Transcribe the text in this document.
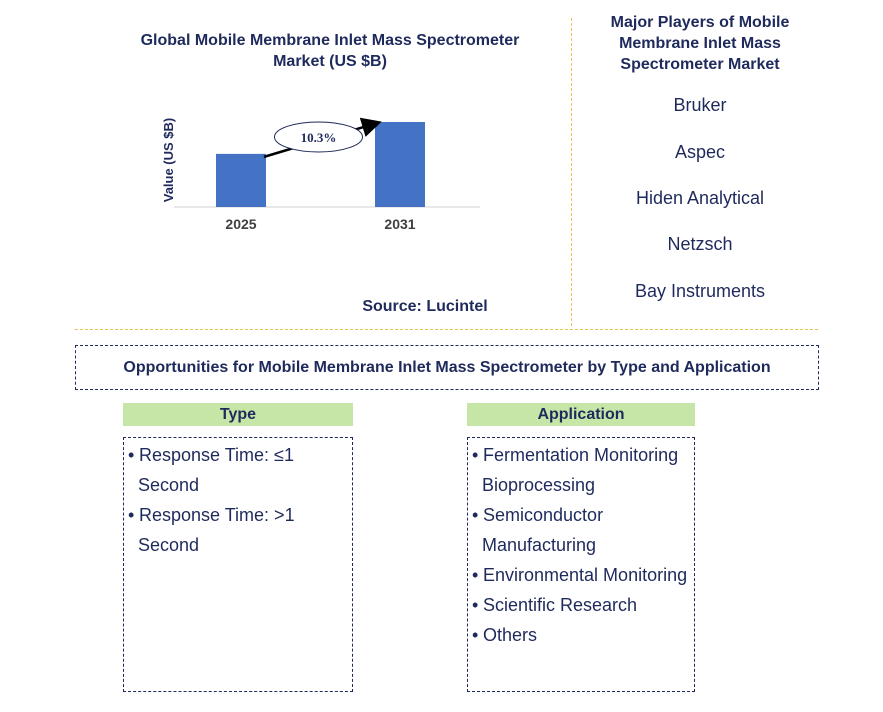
Global Mobile Membrane Inlet Mass Spectrometer Market (US $B)
Value (US $B)
2025	2031
10.3%
Source: Lucintel
Major Players of Mobile Membrane Inlet Mass Spectrometer Market
Bruker
Aspec
Hiden Analytical
Netzsch
Bay Instruments
Opportunities for Mobile Membrane Inlet Mass Spectrometer by Type and Application
Type
• Response Time: ≤1 Second
• Response Time: >1 Second
Application
• Fermentation Monitoring Bioprocessing
• Semiconductor Manufacturing
• Environmental Monitoring
• Scientific Research
• Others
